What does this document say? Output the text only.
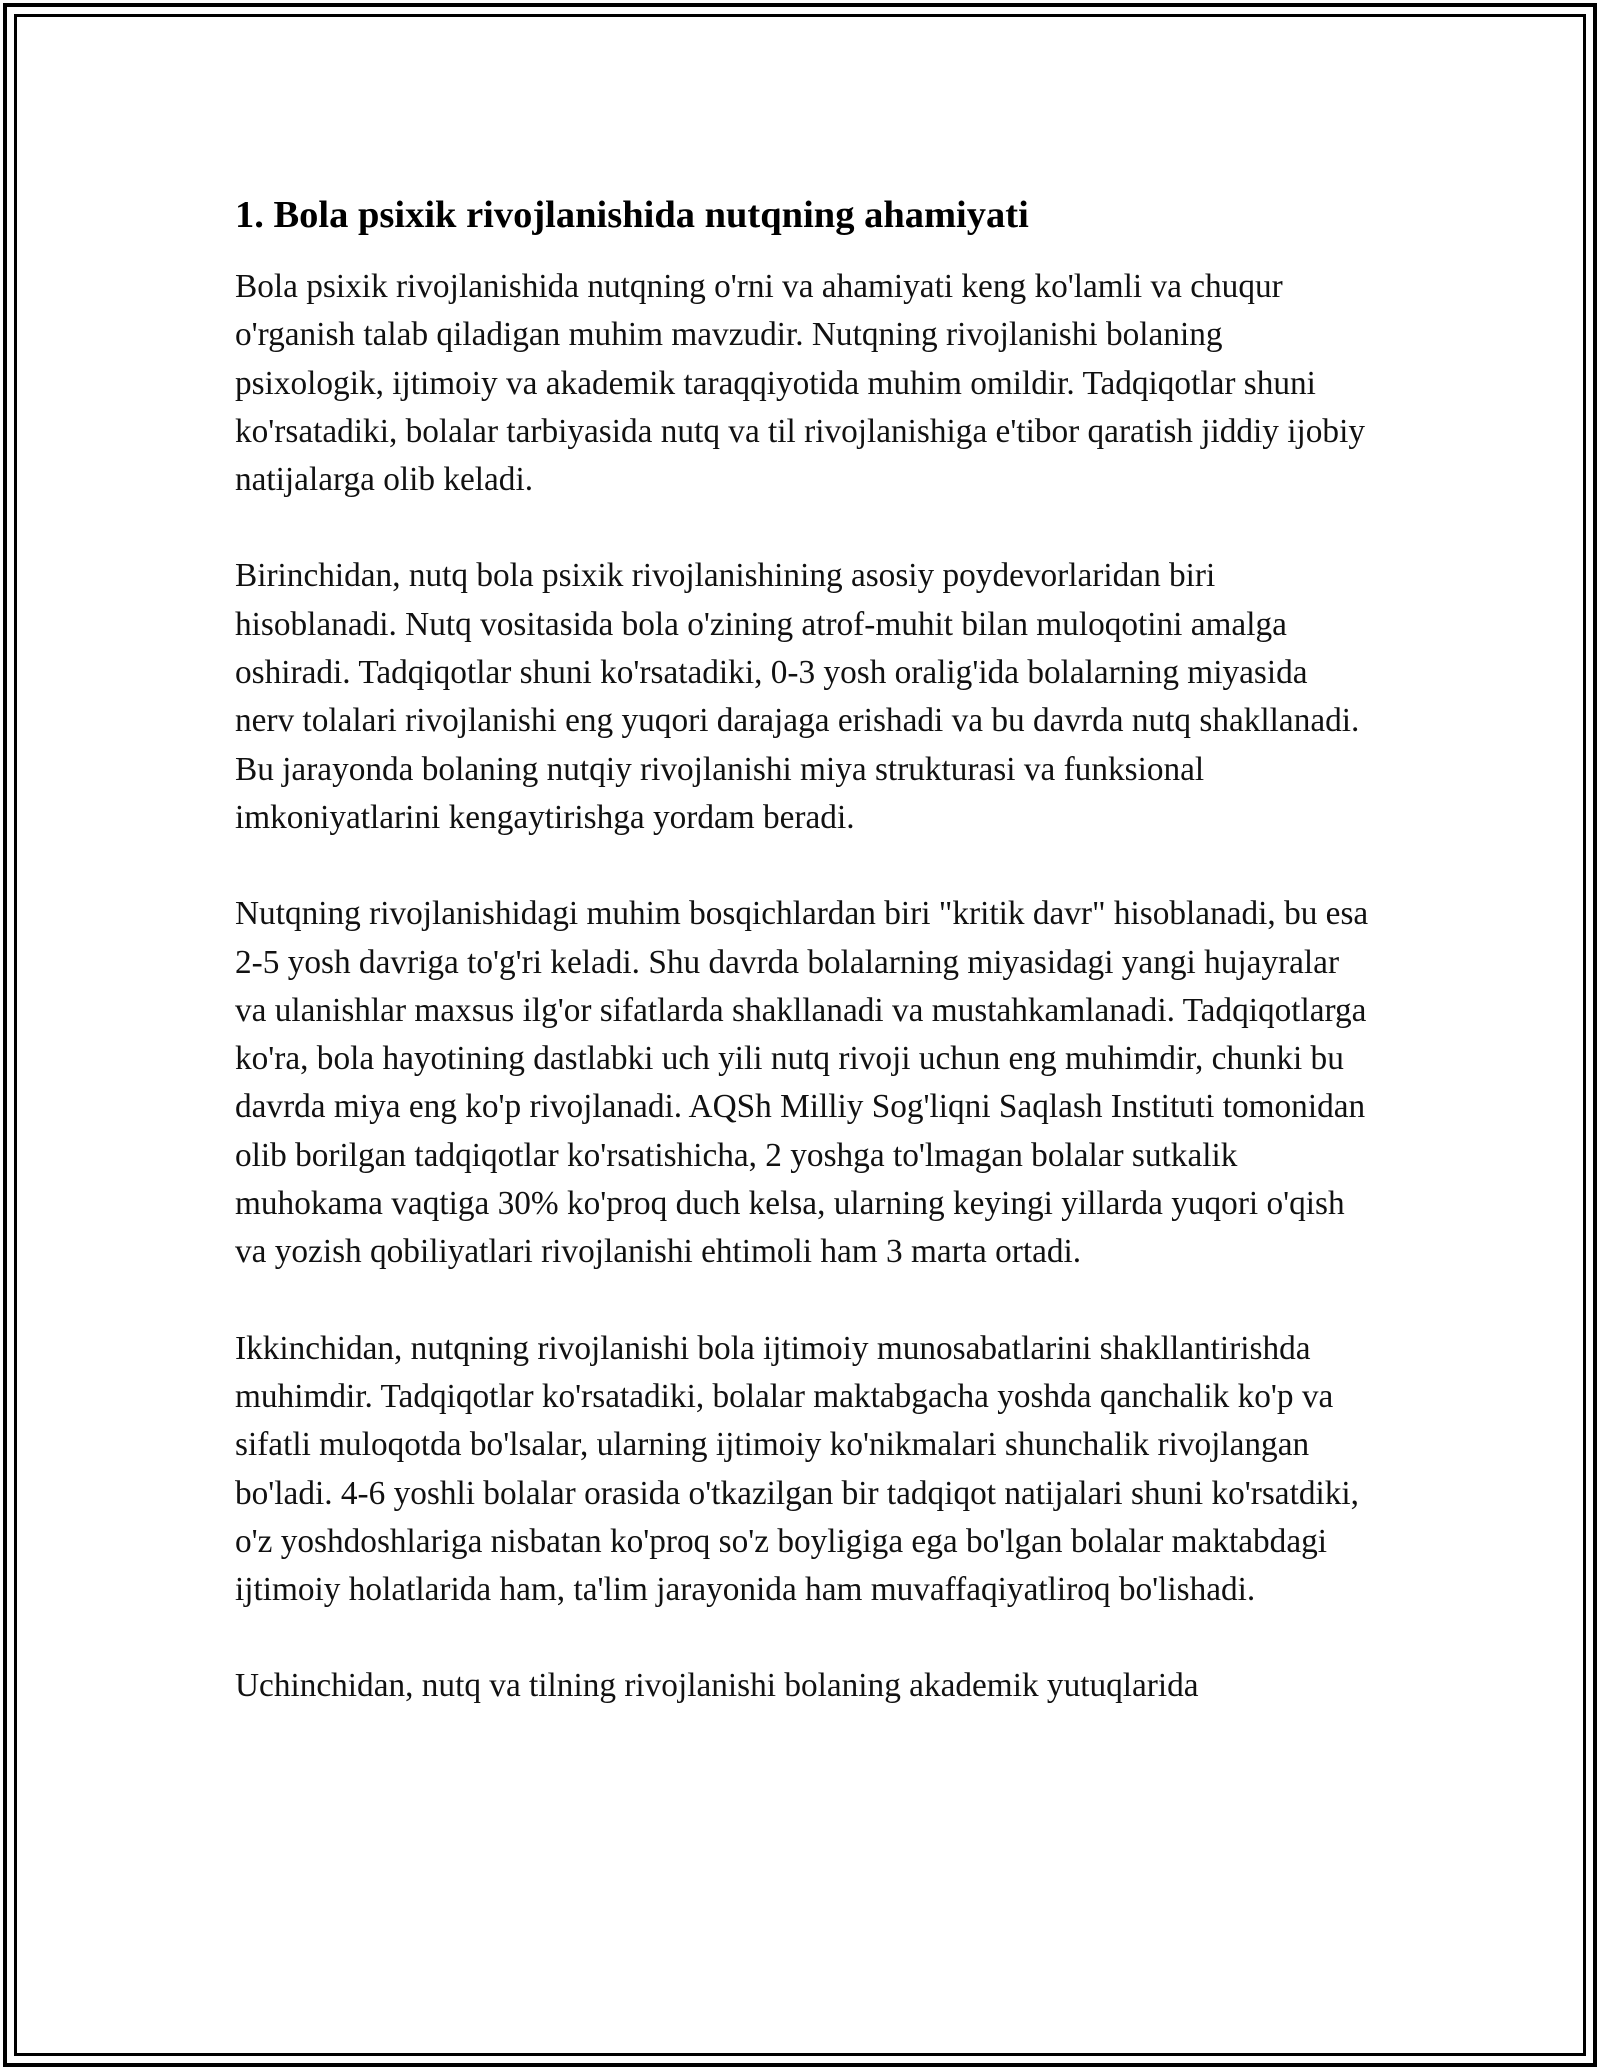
1. Bola psixik rivojlanishida nutqning ahamiyati

Bola psixik rivojlanishida nutqning o'rni va ahamiyati keng ko'lamli va chuqur o'rganish talab qiladigan muhim mavzudir. Nutqning rivojlanishi bolaning psixologik, ijtimoiy va akademik taraqqiyotida muhim omildir. Tadqiqotlar shuni ko'rsatadiki, bolalar tarbiyasida nutq va til rivojlanishiga e'tibor qaratish jiddiy ijobiy natijalarga olib keladi.

Birinchidan, nutq bola psixik rivojlanishining asosiy poydevorlaridan biri hisoblanadi. Nutq vositasida bola o'zining atrof-muhit bilan muloqotini amalga oshiradi. Tadqiqotlar shuni ko'rsatadiki, 0-3 yosh oralig'ida bolalarning miyasida nerv tolalari rivojlanishi eng yuqori darajaga erishadi va bu davrda nutq shakllanadi. Bu jarayonda bolaning nutqiy rivojlanishi miya strukturasi va funksional imkoniyatlarini kengaytirishga yordam beradi.

Nutqning rivojlanishidagi muhim bosqichlardan biri "kritik davr" hisoblanadi, bu esa 2-5 yosh davriga to'g'ri keladi. Shu davrda bolalarning miyasidagi yangi hujayralar va ulanishlar maxsus ilg'or sifatlarda shakllanadi va mustahkamlanadi. Tadqiqotlarga ko'ra, bola hayotining dastlabki uch yili nutq rivoji uchun eng muhimdir, chunki bu davrda miya eng ko'p rivojlanadi. AQSh Milliy Sog'liqni Saqlash Instituti tomonidan olib borilgan tadqiqotlar ko'rsatishicha, 2 yoshga to'lmagan bolalar sutkalik muhokama vaqtiga 30% ko'proq duch kelsa, ularning keyingi yillarda yuqori o'qish va yozish qobiliyatlari rivojlanishi ehtimoli ham 3 marta ortadi.

Ikkinchidan, nutqning rivojlanishi bola ijtimoiy munosabatlarini shakllantirishda muhimdir. Tadqiqotlar ko'rsatadiki, bolalar maktabgacha yoshda qanchalik ko'p va sifatli muloqotda bo'lsalar, ularning ijtimoiy ko'nikmalari shunchalik rivojlangan bo'ladi. 4-6 yoshli bolalar orasida o'tkazilgan bir tadqiqot natijalari shuni ko'rsatdiki, o'z yoshdoshlariga nisbatan ko'proq so'z boyligiga ega bo'lgan bolalar maktabdagi ijtimoiy holatlarida ham, ta'lim jarayonida ham muvaffaqiyatliroq bo'lishadi.

Uchinchidan, nutq va tilning rivojlanishi bolaning akademik yutuqlarida
